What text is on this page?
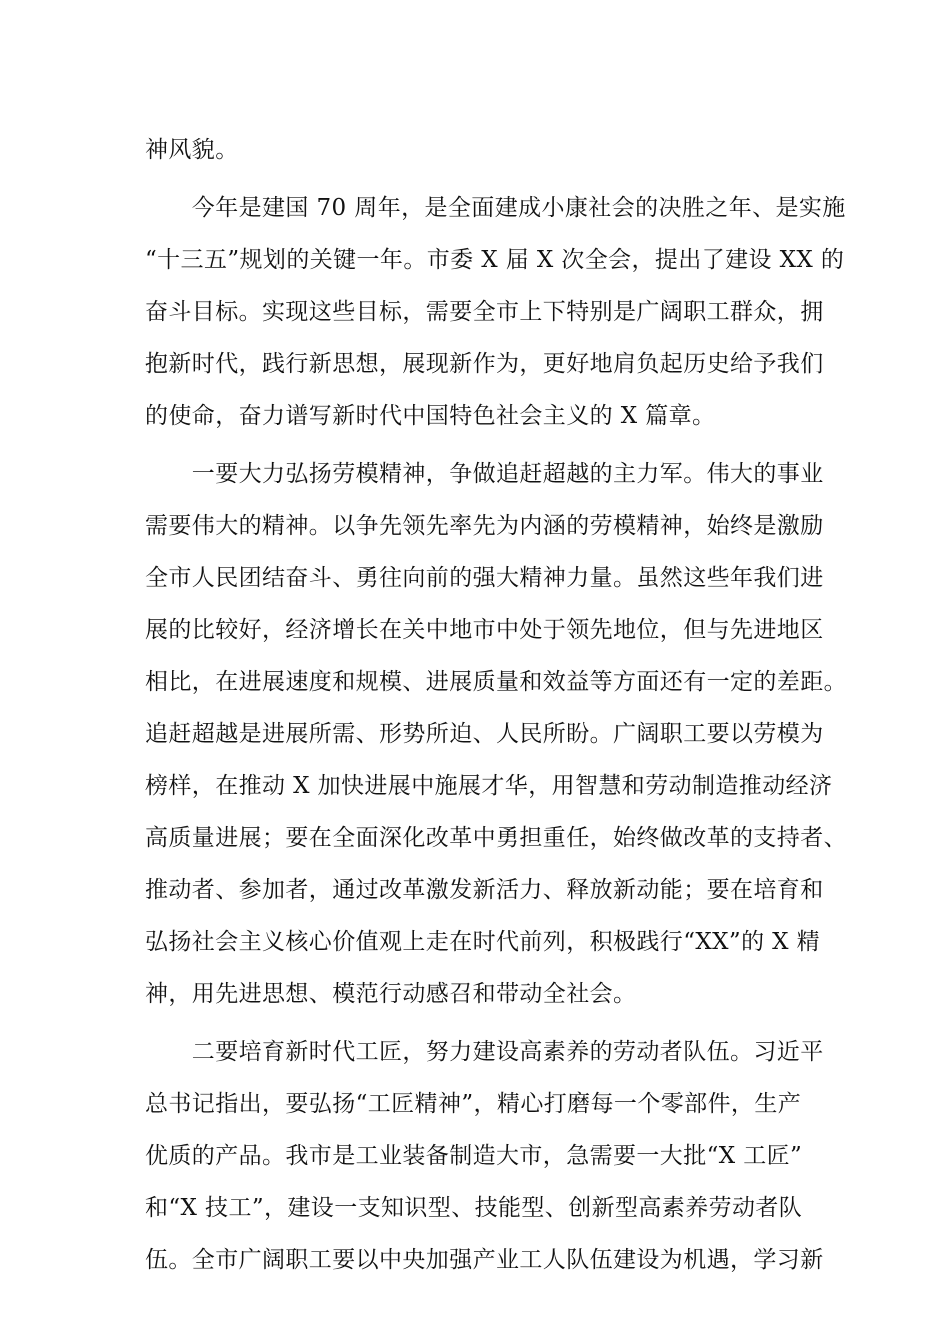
神风貌。
　　今年是建国 70 周年，是全面建成小康社会的决胜之年、是实施
“十三五”规划的关键一年。市委 X 届 X 次全会，提出了建设 XX 的
奋斗目标。实现这些目标，需要全市上下特别是广阔职工群众，拥
抱新时代，践行新思想，展现新作为，更好地肩负起历史给予我们
的使命，奋力谱写新时代中国特色社会主义的 X 篇章。
　　一要大力弘扬劳模精神，争做追赶超越的主力军。伟大的事业
需要伟大的精神。以争先领先率先为内涵的劳模精神，始终是激励
全市人民团结奋斗、勇往向前的强大精神力量。虽然这些年我们进
展的比较好，经济增长在关中地市中处于领先地位，但与先进地区
相比，在进展速度和规模、进展质量和效益等方面还有一定的差距。
追赶超越是进展所需、形势所迫、人民所盼。广阔职工要以劳模为
榜样，在推动 X 加快进展中施展才华，用智慧和劳动制造推动经济
高质量进展；要在全面深化改革中勇担重任，始终做改革的支持者、
推动者、参加者，通过改革激发新活力、释放新动能；要在培育和
弘扬社会主义核心价值观上走在时代前列，积极践行“XX”的 X 精
神，用先进思想、模范行动感召和带动全社会。
　　二要培育新时代工匠，努力建设高素养的劳动者队伍。习近平
总书记指出，要弘扬“工匠精神”，精心打磨每一个零部件，生产
优质的产品。我市是工业装备制造大市，急需要一大批“X 工匠”
和“X 技工”，建设一支知识型、技能型、创新型高素养劳动者队
伍。全市广阔职工要以中央加强产业工人队伍建设为机遇，学习新
